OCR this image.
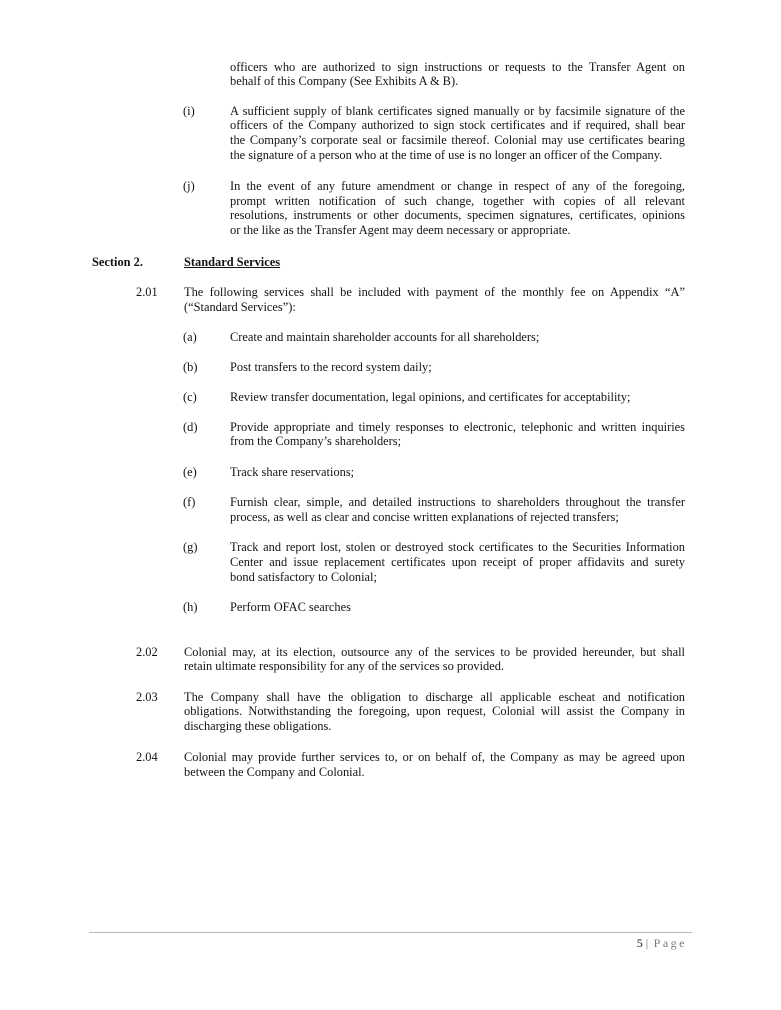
officers who are authorized to sign instructions or requests to the Transfer Agent on

behalf of this Company (See Exhibits A & B).

(i)	A sufficient supply of blank certificates signed manually or by facsimile signature of the

officers of the Company authorized to sign stock certificates and if required, shall bear

the Company’s corporate seal or facsimile thereof. Colonial may use certificates bearing

the signature of a person who at the time of use is no longer an officer of the Company.

(j)	In the event of any future amendment or change in respect of any of the foregoing,

prompt written notification of such change, together with copies of all relevant

resolutions, instruments or other documents, specimen signatures, certificates, opinions

or the like as the Transfer Agent may deem necessary or appropriate.

Section 2.	Standard Services

2.01 The following services shall be included with payment of the monthly fee on Appendix “A”

(“Standard Services”):

(a)	Create and maintain shareholder accounts for all shareholders;

(b)	Post transfers to the record system daily;

(c)	Review transfer documentation, legal opinions, and certificates for acceptability;

(d)	Provide appropriate and timely responses to electronic, telephonic and written inquiries

from the Company’s shareholders;

(e)	Track share reservations;

(f)	Furnish clear, simple, and detailed instructions to shareholders throughout the transfer

process, as well as clear and concise written explanations of rejected transfers;

(g)	Track and report lost, stolen or destroyed stock certificates to the Securities Information

Center and issue replacement certificates upon receipt of proper affidavits and surety

bond satisfactory to Colonial;

(h)	Perform OFAC searches

2.02 Colonial may, at its election, outsource any of the services to be provided hereunder, but shall

retain ultimate responsibility for any of the services so provided.

2.03 The Company shall have the obligation to discharge all applicable escheat and notification

obligations. Notwithstanding the foregoing, upon request, Colonial will assist the Company in

discharging these obligations.

2.04 Colonial may provide further services to, or on behalf of, the Company as may be agreed upon

between the Company and Colonial.

5 | Page
